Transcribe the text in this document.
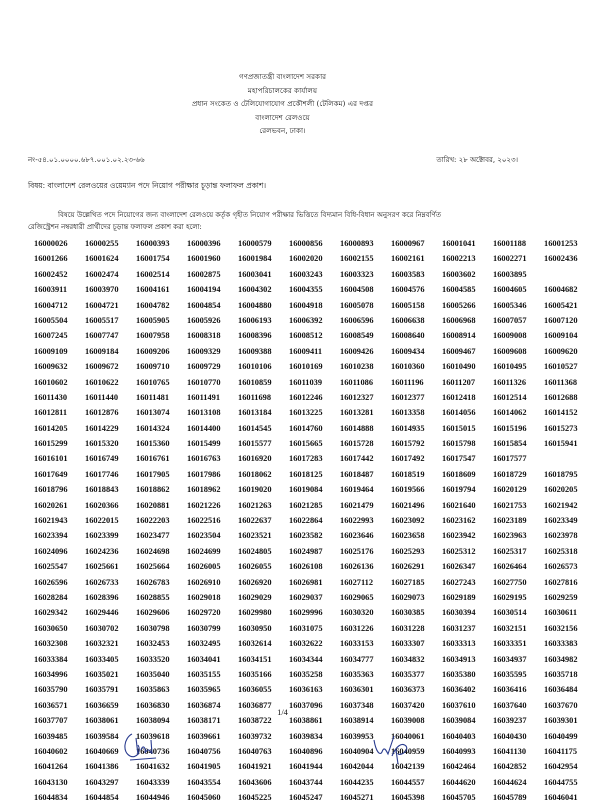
গণপ্রজাতন্ত্রী বাংলাদেশ সরকার
মহাপরিচালকের কার্যালয়
প্রধান সংকেত ও টেলিযোগাযোগ প্রকৌশলী (টেলিকম) এর দপ্তর
বাংলাদেশ রেলওয়ে
রেলভবন, ঢাকা।
নং-৫৪.০১.০০০০.৬৮৭.০০১.০২.২৩-৬৬	তারিখ: ২৮ অক্টোবর, ২০২৩।
বিষয়: বাংলাদেশ রেলওয়ের ওয়েম্যান পদে নিয়োগ পরীক্ষার চূড়ান্ত ফলাফল প্রকাশ।
বিষয়ে উল্লেখিত পদে নিয়োগের জন্য বাংলাদেশ রেলওয়ে কর্তৃক গৃহীত নিয়োগ পরীক্ষার ভিত্তিতে বিদ্যমান বিধি-বিধান অনুসরণ করে নিম্নবর্ণিত
রেজিস্ট্রেশন নম্বরধারী প্রার্থীদের চূড়ান্ত ফলাফল প্রকাশ করা হলো:
16000026	16000255	16000393	16000396	16000579	16000856	16000893	16000967	16001041	16001188	16001253
16001266	16001624	16001754	16001960	16001984	16002020	16002155	16002161	16002213	16002271	16002436
16002452	16002474	16002514	16002875	16003041	16003243	16003323	16003583	16003602	16003895
16003911	16003970	16004161	16004194	16004302	16004355	16004508	16004576	16004585	16004605	16004682
16004712	16004721	16004782	16004854	16004880	16004918	16005078	16005158	16005266	16005346	16005421
16005504	16005517	16005905	16005926	16006193	16006392	16006596	16006638	16006968	16007057	16007120
16007245	16007747	16007958	16008318	16008396	16008512	16008549	16008640	16008914	16009008	16009104
16009109	16009184	16009206	16009329	16009388	16009411	16009426	16009434	16009467	16009608	16009620
16009632	16009672	16009710	16009729	16010106	16010169	16010238	16010360	16010490	16010495	16010527
16010602	16010622	16010765	16010770	16010859	16011039	16011086	16011196	16011207	16011326	16011368
16011430	16011440	16011481	16011491	16011698	16012246	16012327	16012377	16012418	16012514	16012688
16012811	16012876	16013074	16013108	16013184	16013225	16013281	16013358	16014056	16014062	16014152
16014205	16014229	16014324	16014400	16014545	16014760	16014888	16014935	16015015	16015196	16015273
16015299	16015320	16015360	16015499	16015577	16015665	16015728	16015792	16015798	16015854	16015941
16016101	16016749	16016761	16016763	16016920	16017283	16017442	16017492	16017547	16017577
16017649	16017746	16017905	16017986	16018062	16018125	16018487	16018519	16018609	16018729	16018795
16018796	16018843	16018862	16018962	16019020	16019084	16019464	16019566	16019794	16020129	16020205
16020261	16020366	16020881	16021226	16021263	16021285	16021479	16021496	16021640	16021753	16021942
16021943	16022015	16022203	16022516	16022637	16022864	16022993	16023092	16023162	16023189	16023349
16023394	16023399	16023477	16023504	16023521	16023582	16023646	16023658	16023942	16023963	16023978
16024096	16024236	16024698	16024699	16024805	16024987	16025176	16025293	16025312	16025317	16025318
16025547	16025661	16025664	16026005	16026055	16026108	16026136	16026291	16026347	16026464	16026573
16026596	16026733	16026783	16026910	16026920	16026981	16027112	16027185	16027243	16027750	16027816
16028284	16028396	16028855	16029018	16029029	16029037	16029065	16029073	16029189	16029195	16029259
16029342	16029446	16029606	16029720	16029980	16029996	16030320	16030385	16030394	16030514	16030611
16030650	16030702	16030798	16030799	16030950	16031075	16031226	16031228	16031237	16032151	16032156
16032308	16032321	16032453	16032495	16032614	16032622	16033153	16033307	16033313	16033351	16033383
16033384	16033405	16033520	16034041	16034151	16034344	16034777	16034832	16034913	16034937	16034982
16034996	16035021	16035040	16035155	16035166	16035258	16035363	16035377	16035380	16035595	16035718
16035790	16035791	16035863	16035965	16036055	16036163	16036301	16036373	16036402	16036416	16036484
16036571	16036659	16036830	16036874	16036877	16037096	16037348	16037420	16037610	16037640	16037670
16037707	16038061	16038094	16038171	16038722	16038861	16038914	16039008	16039084	16039237	16039301
16039485	16039584	16039618	16039661	16039732	16039834	16039953	16040061	16040403	16040430	16040499
16040602	16040669	16040736	16040756	16040763	16040896	16040904	16040959	16040993	16041130	16041175
16041264	16041386	16041632	16041905	16041921	16041944	16042044	16042139	16042464	16042852	16042954
16043130	16043297	16043339	16043554	16043606	16043744	16044235	16044557	16044620	16044624	16044755
16044834	16044854	16044946	16045060	16045225	16045247	16045271	16045398	16045705	16045789	16046041
1/4
